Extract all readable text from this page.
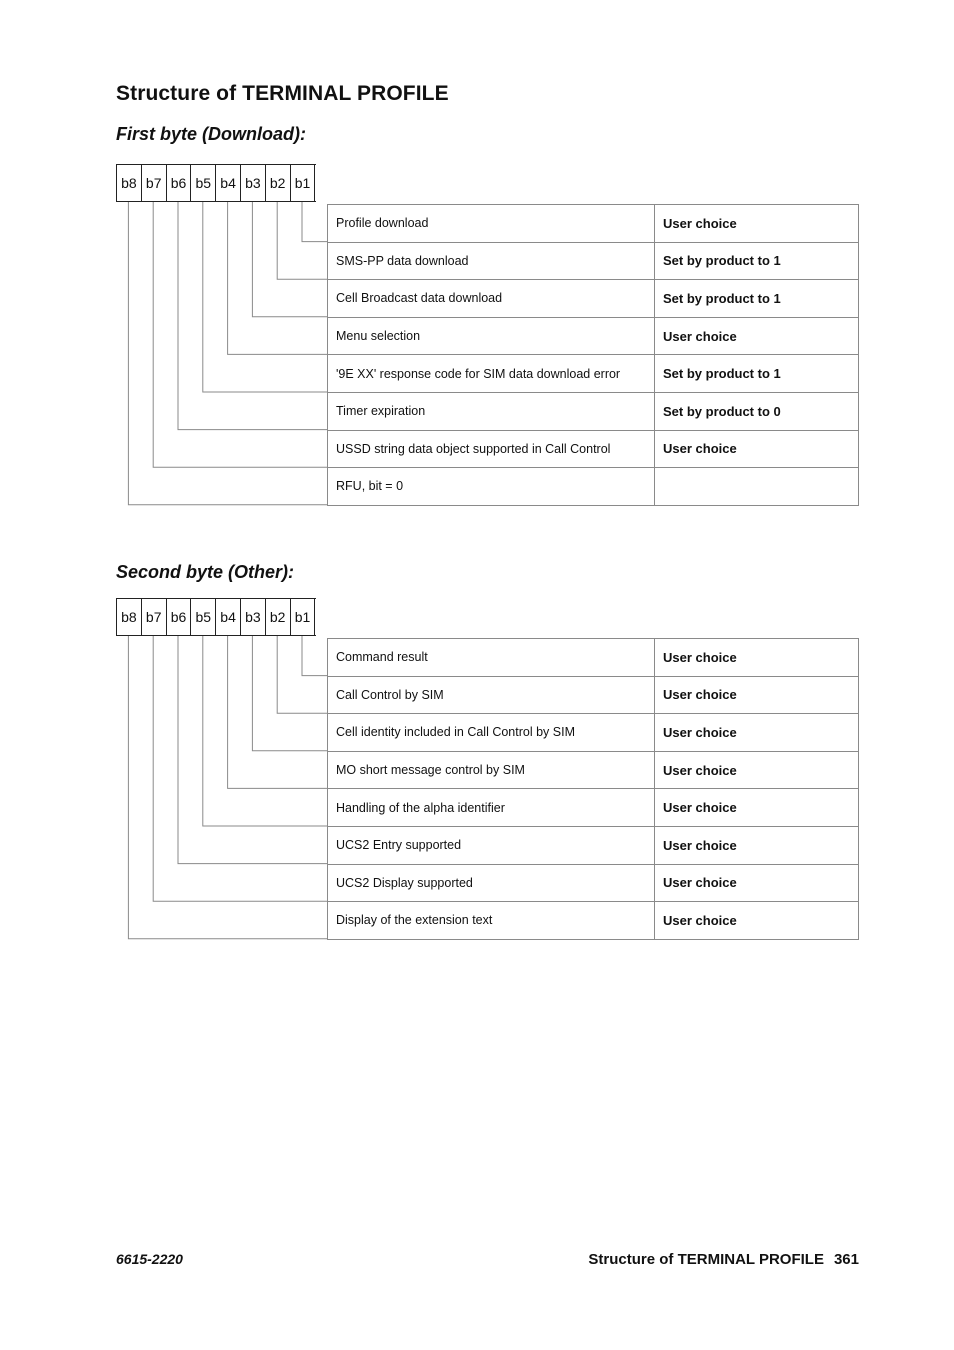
Structure of TERMINAL PROFILE
First byte (Download):
b8 b7 b6 b5 b4 b3 b2 b1
Profile download	User choice
SMS-PP data download	Set by product to 1
Cell Broadcast data download	Set by product to 1
Menu selection	User choice
'9E XX' response code for SIM data download error	Set by product to 1
Timer expiration	Set by product to 0
USSD string data object supported in Call Control	User choice
RFU, bit = 0	
Second byte (Other):
b8 b7 b6 b5 b4 b3 b2 b1
Command result	User choice
Call Control by SIM	User choice
Cell identity included in Call Control by SIM	User choice
MO short message control by SIM	User choice
Handling of the alpha identifier	User choice
UCS2 Entry supported	User choice
UCS2 Display supported	User choice
Display of the extension text	User choice
6615-2220	Structure of TERMINAL PROFILE 361
